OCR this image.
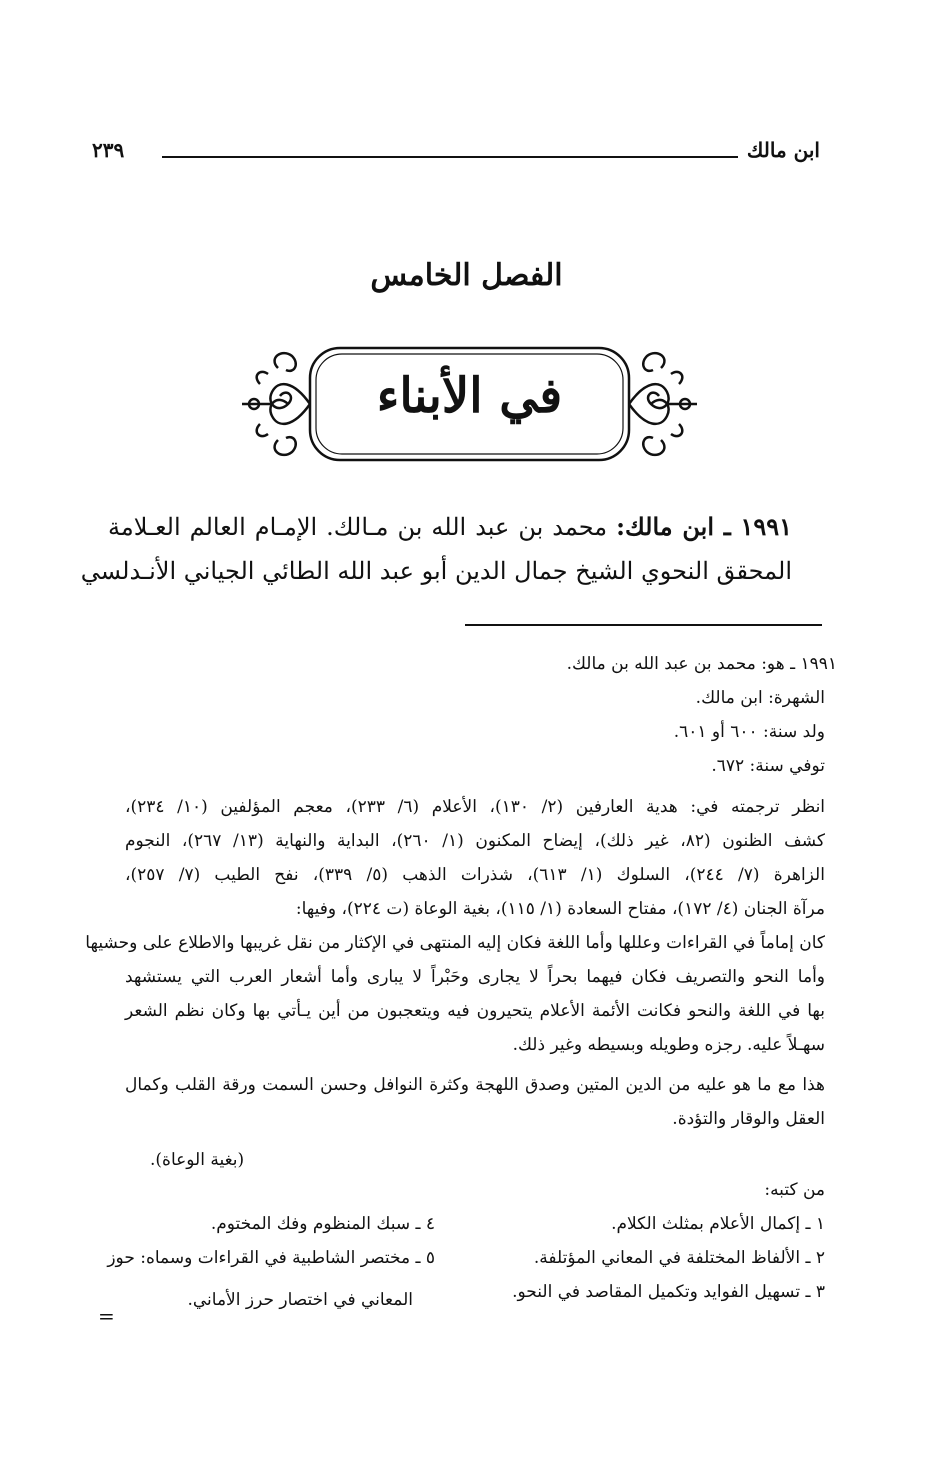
ابن مالك
٢٣٩
الفصل الخامس
في الأبناء
١٩٩١ ـ ابن مالك: محمد بن عبد الله بن مـالك. الإمـام العالم العـلامة
المحقق النحوي الشيخ جمال الدين أبو عبد الله الطائي الجياني الأنـدلسي
١٩٩١ ـ هو: محمد بن عبد الله بن مالك.
الشهرة: ابن مالك.
ولد سنة: ٦٠٠ أو ٦٠١.
توفي سنة: ٦٧٢.
انظر ترجمته في: هدية العارفين (٢/ ١٣٠)، الأعلام (٦/ ٢٣٣)، معجم المؤلفين (١٠/ ٢٣٤)،
كشف الظنون (٨٢، غير ذلك)، إيضاح المكنون (١/ ٢٦٠)، البداية والنهاية (١٣/ ٢٦٧)، النجوم
الزاهرة (٧/ ٢٤٤)، السلوك (١/ ٦١٣)، شذرات الذهب (٥/ ٣٣٩)، نفح الطيب (٧/ ٢٥٧)،
مرآة الجنان (٤/ ١٧٢)، مفتاح السعادة (١/ ١١٥)، بغية الوعاة (ت ٢٢٤)، وفيها:
كان إماماً في القراءات وعللها وأما اللغة فكان إليه المنتهى في الإكثار من نقل غريبها والاطلاع على وحشيها
وأما النحو والتصريف فكان فيهما بحراً لا يجارى وحَبْراً لا يبارى وأما أشعار العرب التي يستشهد
بها في اللغة والنحو فكانت الأئمة الأعلام يتحيرون فيه ويتعجبون من أين يـأتي بها وكان نظم الشعر
سهـلاً عليه. رجزه وطويله وبسيطه وغير ذلك.
هذا مع ما هو عليه من الدين المتين وصدق اللهجة وكثرة النوافل وحسن السمت ورقة القلب وكمال
العقل والوقار والتؤدة.
(بغية الوعاة).
من كتبه:
١ ـ إكمال الأعلام بمثلث الكلام.
٢ ـ الألفاظ المختلفة في المعاني المؤتلفة.
٣ ـ تسهيل الفوايد وتكميل المقاصد في النحو.
٤ ـ سبك المنظوم وفك المختوم.
٥ ـ مختصر الشاطبية في القراءات وسماه: حوز
المعاني في اختصار حرز الأماني.
=
